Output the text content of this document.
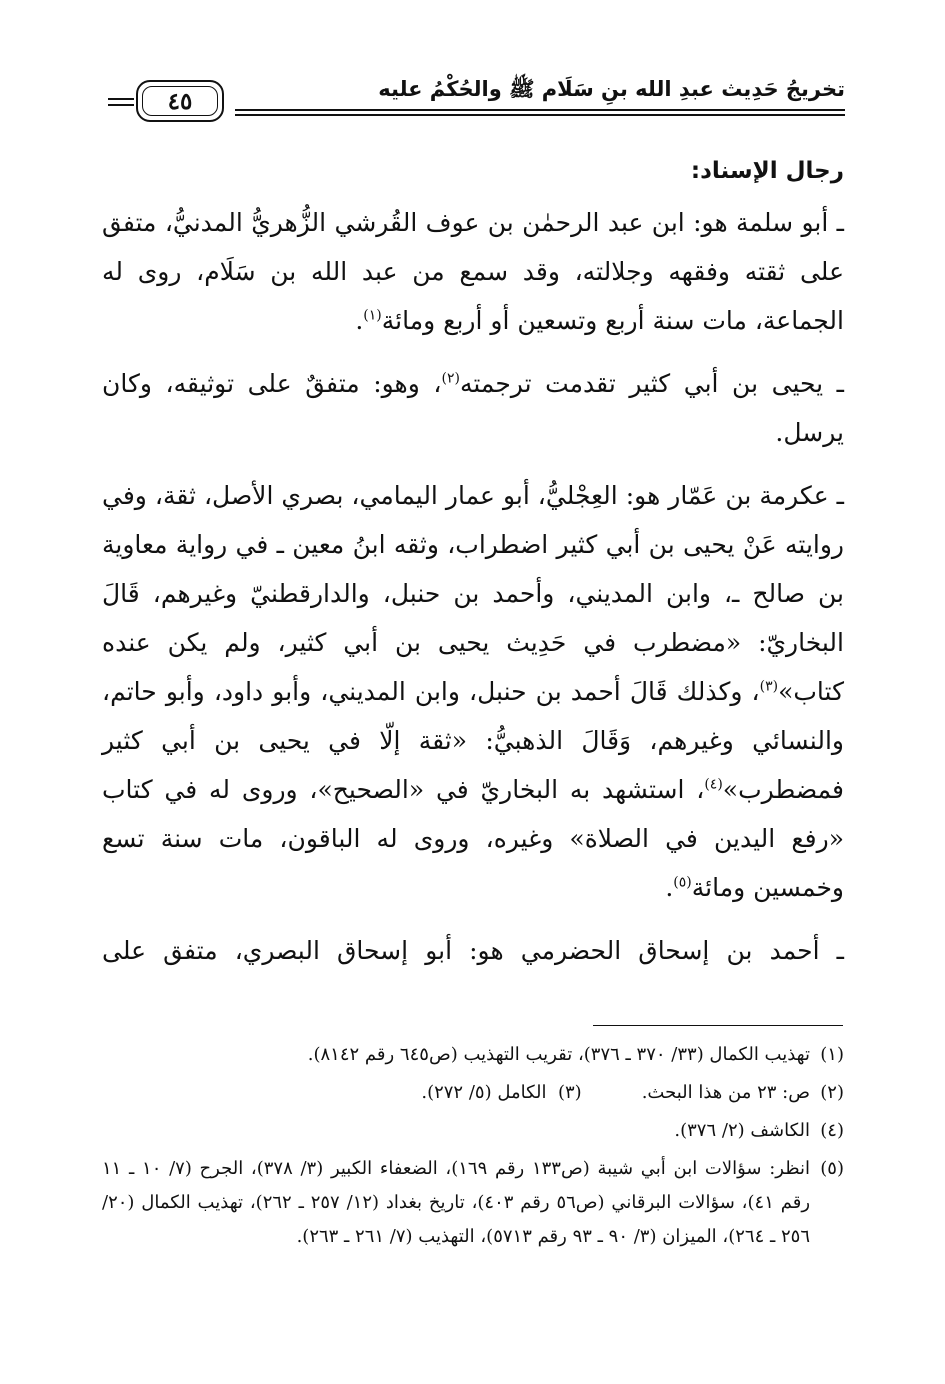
تخريجُ حَدِيث عبدِ الله بنِ سَلَام ﷺ والحُكْمُ عليه
٤٥
رجال الإسناد:

ـ أبو سلمة هو: ابن عبد الرحمٰن بن عوف القُرشي الزُّهريُّ المدنيُّ، متفق على ثقته وفقهه وجلالته، وقد سمع من عبد الله بن سَلَام، روى له الجماعة، مات سنة أربع وتسعين أو أربع ومائة$^{(١)}$.

ـ يحيى بن أبي كثير تقدمت ترجمته$^{(٢)}$، وهو: متفقٌ على توثيقه، وكان يرسل.

ـ عكرمة بن عَمّار هو: العِجْليُّ، أبو عمار اليمامي، بصري الأصل، ثقة، وفي روايته عَنْ يحيى بن أبي كثير اضطراب، وثقه ابنُ معين ـ في رواية معاوية بن صالح ـ، وابن المديني، وأحمد بن حنبل، والدارقطنيّ وغيرهم، قَالَ البخاريّ: «مضطرب في حَدِيث يحيى بن أبي كثير، ولم يكن عنده كتاب»$^{(٣)}$، وكذلك قَالَ أحمد بن حنبل، وابن المديني، وأبو داود، وأبو حاتم، والنسائي وغيرهم، وَقَالَ الذهبيُّ: «ثقة إلّا في يحيى بن أبي كثير فمضطرب»$^{(٤)}$، استشهد به البخاريّ في «الصحيح»، وروى له في كتاب «رفع اليدين في الصلاة» وغيره، وروى له الباقون، مات سنة تسع وخمسين ومائة$^{(٥)}$.

ـ أحمد بن إسحاق الحضرمي هو: أبو إسحاق البصري، متفق على

(١)
تهذيب الكمال (٣٣/ ٣٧٠ ـ ٣٧٦)، تقريب التهذيب (ص٦٤٥ رقم ٨١٤٢).
(٢)
ص: ٢٣ من هذا البحث.
(٣)  الكامل (٥/ ٢٧٢).
(٤)
الكاشف (٢/ ٣٧٦).
(٥)
انظر: سؤالات ابن أبي شيبة (ص١٣٣ رقم ١٦٩)، الضعفاء الكبير (٣/ ٣٧٨)، الجرح (٧/ ١٠ ـ ١١ رقم ٤١)، سؤالات البرقاني (ص٥٦ رقم ٤٠٣)، تاريخ بغداد (١٢/ ٢٥٧ ـ ٢٦٢)، تهذيب الكمال (٢٠/ ٢٥٦ ـ ٢٦٤)، الميزان (٣/ ٩٠ ـ ٩٣ رقم ٥٧١٣)، التهذيب (٧/ ٢٦١ ـ ٢٦٣).
